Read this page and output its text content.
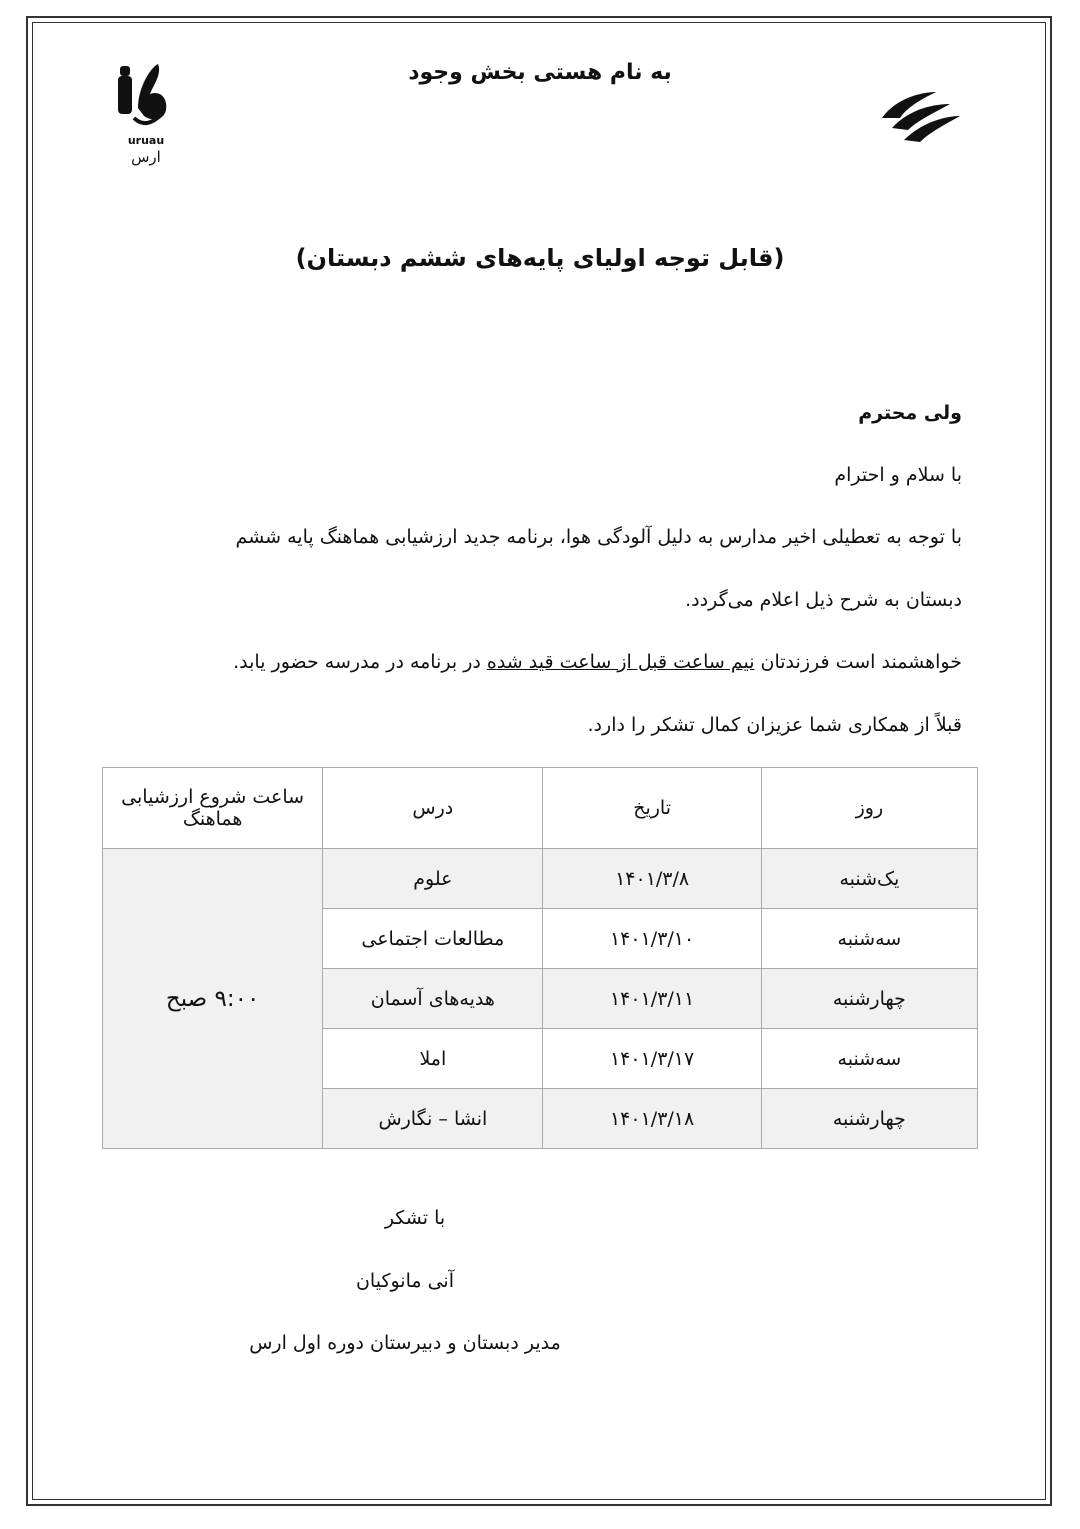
uruau
ارس
به نام هستی بخش وجود
(قابل توجه اولیای پایه‌های ششم دبستان)
ولی محترم
با سلام و احترام
با توجه به تعطیلی اخیر مدارس به دلیل آلودگی هوا، برنامه جدید ارزشیابی هماهنگ پایه ششم
دبستان به شرح ذیل اعلام می‌گردد.
خواهشمند است فرزندتان نیم ساعت قبل از ساعت قید شده در برنامه در مدرسه حضور یابد.
قبلاً از همکاری شما عزیزان کمال تشکر را دارد.
روز	تاریخ	درس	ساعت شروع ارزشیابی هماهنگ
یک‌شنبه	۱۴۰۱/۳/۸	علوم	۹:۰۰ صبح
سه‌شنبه	۱۴۰۱/۳/۱۰	مطالعات اجتماعی	
چهارشنبه	۱۴۰۱/۳/۱۱	هدیه‌های آسمان	
سه‌شنبه	۱۴۰۱/۳/۱۷	املا	
چهارشنبه	۱۴۰۱/۳/۱۸	انشا – نگارش	
با تشکر
آنی مانوکیان
مدیر دبستان و دبیرستان دوره اول ارس
